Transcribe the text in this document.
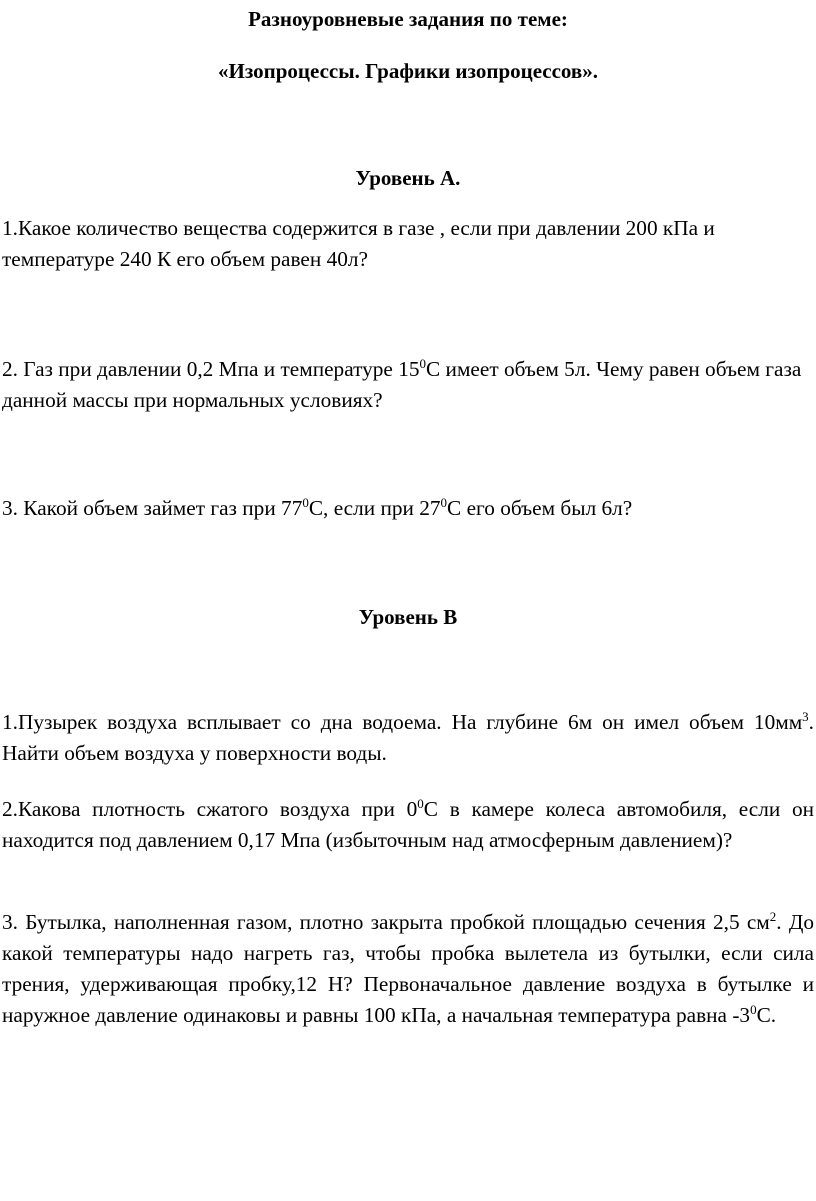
Разноуровневые задания по теме:
«Изопроцессы. Графики изопроцессов».
Уровень А.

1.Какое количество вещества содержится в газе , если при давлении 200 кПа и температуре 240 К его объем равен 40л?

2. Газ при давлении 0,2 Мпа и температуре $15^0С$ имеет объем 5л. Чему равен объем газа данной массы при нормальных условиях?

3. Какой объем займет газ при $77^0С$, если при $27^0С$ его объем был 6л?

Уровень В

1.Пузырек воздуха всплывает со дна водоема. На глубине 6м он имел объем $10мм^3$. Найти объем воздуха у поверхности воды.

2.Какова плотность сжатого воздуха при $0^0С$ в камере колеса автомобиля, если он находится под давлением 0,17 Мпа (избыточным над атмосферным давлением)?

3. Бутылка, наполненная газом, плотно закрыта пробкой площадью сечения 2,5 $см^2$. До какой температуры надо нагреть газ, чтобы пробка вылетела из бутылки, если сила трения, удерживающая пробку,12 Н? Первоначальное давление воздуха в бутылке и наружное давление одинаковы и равны 100 кПа, а начальная температура равна $-3^0С$.
